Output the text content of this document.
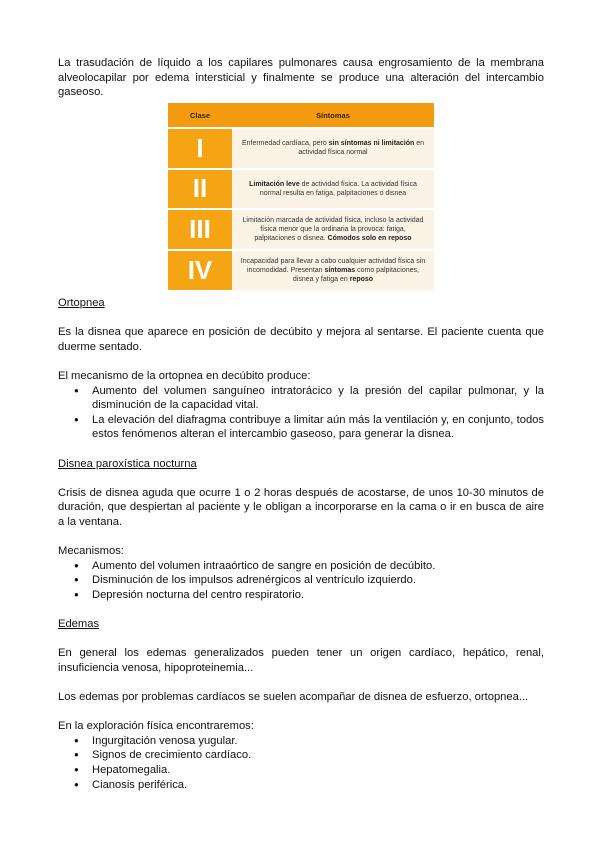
La trasudación de líquido a los capilares pulmonares causa engrosamiento de la membrana alveolocapilar por edema intersticial y finalmente se produce una alteración del intercambio gaseoso.

Clase	Síntomas
I	Enfermedad cardíaca, pero sin síntomas ni limitación en actividad física normal
II	Limitación leve de actividad física. La actividad física normal resulta en fatiga, palpitaciones o disnea
III	Limitación marcada de actividad física, incluso la actividad física menor que la ordinaria la provoca: fatiga, palpitaciones o disnea. Cómodos solo en reposo
IV	Incapacidad para llevar a cabo cualquier actividad física sin incomodidad. Presentan síntomas como palpitaciones, disnea y fatiga en reposo
Ortopnea

Es la disnea que aparece en posición de decúbito y mejora al sentarse. El paciente cuenta que duerme sentado.

El mecanismo de la ortopnea en decúbito produce:

● Aumento del volumen sanguíneo intratorácico y la presión del capilar pulmonar, y la disminución de la capacidad vital.
● La elevación del diafragma contribuye a limitar aún más la ventilación y, en conjunto, todos estos fenómenos alteran el intercambio gaseoso, para generar la disnea.
Disnea paroxística nocturna

Crisis de disnea aguda que ocurre 1 o 2 horas después de acostarse, de unos 10-30 minutos de duración, que despiertan al paciente y le obligan a incorporarse en la cama o ir en busca de aire a la ventana.

Mecanismos:

● Aumento del volumen intraaórtico de sangre en posición de decúbito.
● Disminución de los impulsos adrenérgicos al ventrículo izquierdo.
● Depresión nocturna del centro respiratorio.
Edemas

En general los edemas generalizados pueden tener un origen cardíaco, hepático, renal, insuficiencia venosa, hipoproteinemia...

Los edemas por problemas cardíacos se suelen acompañar de disnea de esfuerzo, ortopnea...

En la exploración física encontraremos:

● Ingurgitación venosa yugular.
● Signos de crecimiento cardíaco.
● Hepatomegalia.
● Cianosis periférica.
